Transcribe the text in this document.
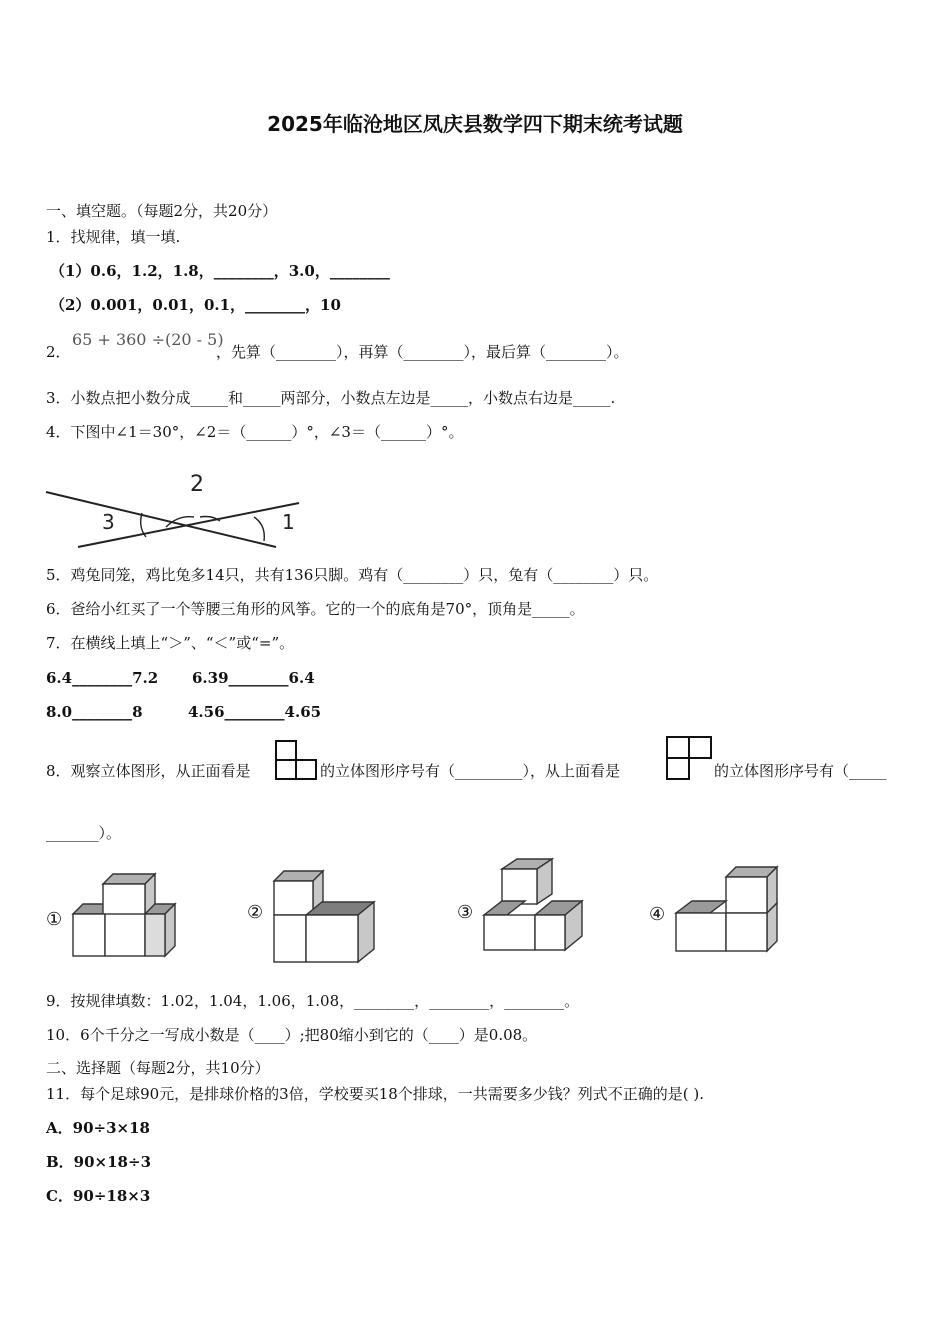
2025年临沧地区凤庆县数学四下期末统考试题
一、填空题。（每题2分，共20分）
1．找规律，填一填.
（1）0.6，1.2，1.8，________，3.0，________
（2）0.001，0.01，0.1，________，10
2．
65 + 360 ÷(20 - 5)
，先算（________），再算（________），最后算（________）。
3．小数点把小数分成_____和_____两部分，小数点左边是_____，小数点右边是_____.
4．下图中∠1＝30°，∠2＝（______）°，∠3＝（______）°。
2
3	1
5．鸡兔同笼，鸡比兔多14只，共有136只脚。鸡有（________）只，兔有（________）只。
6．爸给小红买了一个等腰三角形的风筝。它的一个的底角是70°，顶角是_____。
7．在横线上填上“＞”、“＜”或“=”。
6.4________7.2 6.39________6.4
8.0________8	4.56________4.65
8．观察立体图形，从正面看是	的立体图形序号有（_________），从上面看是	的立体图形序号有（_____
_______）。
①	②	③	④
9．按规律填数：1.02，1.04，1.06，1.08，________，________，________。
10．6个千分之一写成小数是（____）;把80缩小到它的（____）是0.08。
二、选择题（每题2分，共10分）
11．每个足球90元，是排球价格的3倍，学校要买18个排球，一共需要多少钱？列式不正确的是( ).
A．90÷3×18
B．90×18÷3
C．90÷18×3
